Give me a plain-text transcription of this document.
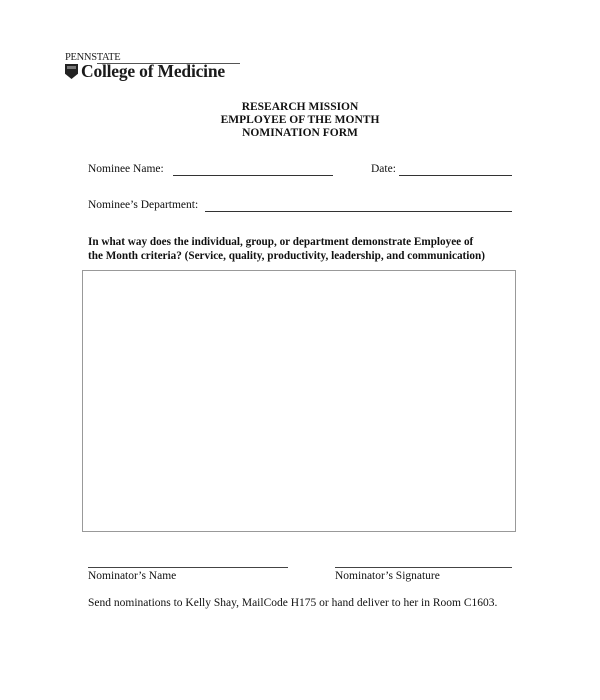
PENNSTATE
College of Medicine
RESEARCH MISSION
EMPLOYEE OF THE MONTH
NOMINATION FORM
Nominee Name:	Date:
Nominee’s Department:
In what way does the individual, group, or department demonstrate Employee of
the Month criteria? (Service, quality, productivity, leadership, and communication)
Nominator’s Name	Nominator’s Signature
Send nominations to Kelly Shay, MailCode H175 or hand deliver to her in Room C1603.
